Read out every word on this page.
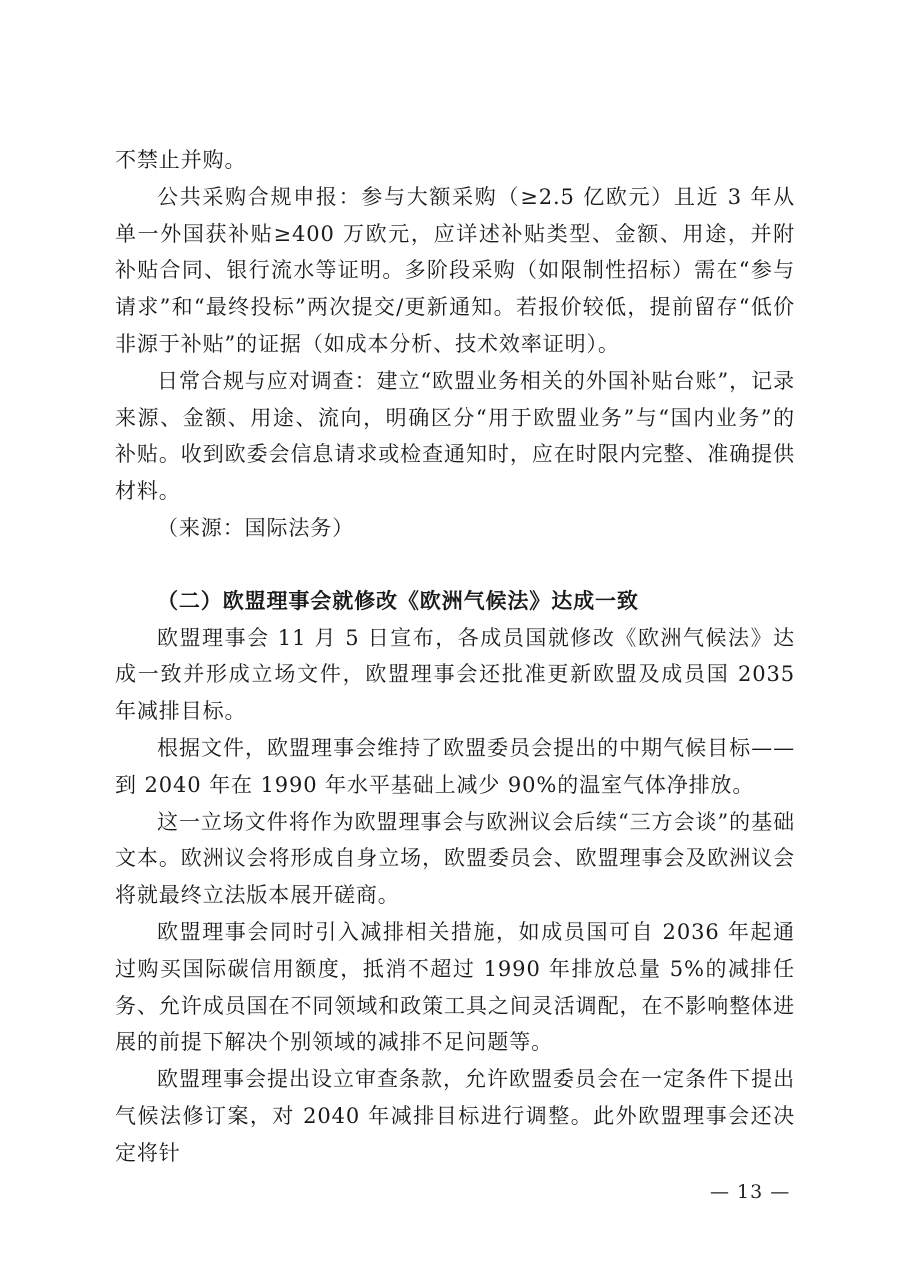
不禁止并购。

公共采购合规申报：参与大额采购（≥2.5 亿欧元）且近 3 年从单一外国获补贴≥400 万欧元，应详述补贴类型、金额、用途，并附补贴合同、银行流水等证明。多阶段采购（如限制性招标）需在“参与请求”和“最终投标”两次提交/更新通知。若报价较低，提前留存“低价非源于补贴”的证据（如成本分析、技术效率证明）。

日常合规与应对调查：建立“欧盟业务相关的外国补贴台账”，记录来源、金额、用途、流向，明确区分“用于欧盟业务”与“国内业务”的补贴。收到欧委会信息请求或检查通知时，应在时限内完整、准确提供材料。

（来源：国际法务）

（二）欧盟理事会就修改《欧洲气候法》达成一致

欧盟理事会 11 月 5 日宣布，各成员国就修改《欧洲气候法》达成一致并形成立场文件，欧盟理事会还批准更新欧盟及成员国 2035 年减排目标。

根据文件，欧盟理事会维持了欧盟委员会提出的中期气候目标——到 2040 年在 1990 年水平基础上减少 90%的温室气体净排放。

这一立场文件将作为欧盟理事会与欧洲议会后续“三方会谈”的基础文本。欧洲议会将形成自身立场，欧盟委员会、欧盟理事会及欧洲议会将就最终立法版本展开磋商。

欧盟理事会同时引入减排相关措施，如成员国可自 2036 年起通过购买国际碳信用额度，抵消不超过 1990 年排放总量 5%的减排任务、允许成员国在不同领域和政策工具之间灵活调配，在不影响整体进展的前提下解决个别领域的减排不足问题等。

欧盟理事会提出设立审查条款，允许欧盟委员会在一定条件下提出气候法修订案，对 2040 年减排目标进行调整。此外欧盟理事会还决定将针

— 13 —
